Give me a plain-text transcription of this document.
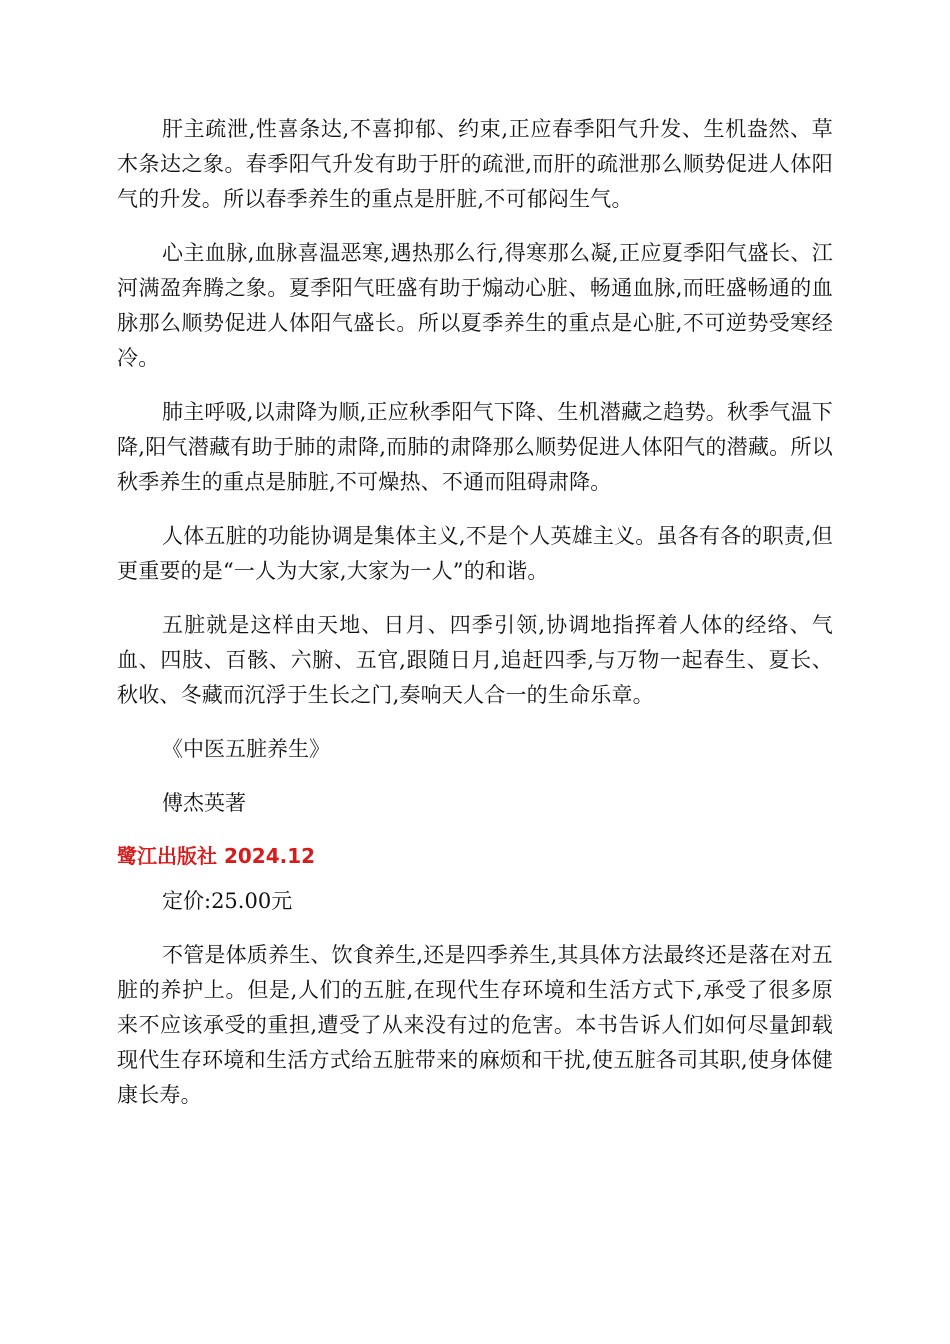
肝主疏泄,性喜条达,不喜抑郁、约束,正应春季阳气升发、生机盎然、草木条达之象。春季阳气升发有助于肝的疏泄,而肝的疏泄那么顺势促进人体阳气的升发。所以春季养生的重点是肝脏,不可郁闷生气。

心主血脉,血脉喜温恶寒,遇热那么行,得寒那么凝,正应夏季阳气盛长、江河满盈奔腾之象。夏季阳气旺盛有助于煽动心脏、畅通血脉,而旺盛畅通的血脉那么顺势促进人体阳气盛长。所以夏季养生的重点是心脏,不可逆势受寒经冷。

肺主呼吸,以肃降为顺,正应秋季阳气下降、生机潜藏之趋势。秋季气温下降,阳气潜藏有助于肺的肃降,而肺的肃降那么顺势促进人体阳气的潜藏。所以秋季养生的重点是肺脏,不可燥热、不通而阻碍肃降。

人体五脏的功能协调是集体主义,不是个人英雄主义。虽各有各的职责,但更重要的是“一人为大家,大家为一人”的和谐。

五脏就是这样由天地、日月、四季引领,协调地指挥着人体的经络、气血、四肢、百骸、六腑、五官,跟随日月,追赶四季,与万物一起春生、夏长、秋收、冬藏而沉浮于生长之门,奏响天人合一的生命乐章。

《中医五脏养生》

傅杰英著

鹭江出版社 2024.12

定价:25.00元

不管是体质养生、饮食养生,还是四季养生,其具体方法最终还是落在对五脏的养护上。但是,人们的五脏,在现代生存环境和生活方式下,承受了很多原来不应该承受的重担,遭受了从来没有过的危害。本书告诉人们如何尽量卸载现代生存环境和生活方式给五脏带来的麻烦和干扰,使五脏各司其职,使身体健康长寿。
